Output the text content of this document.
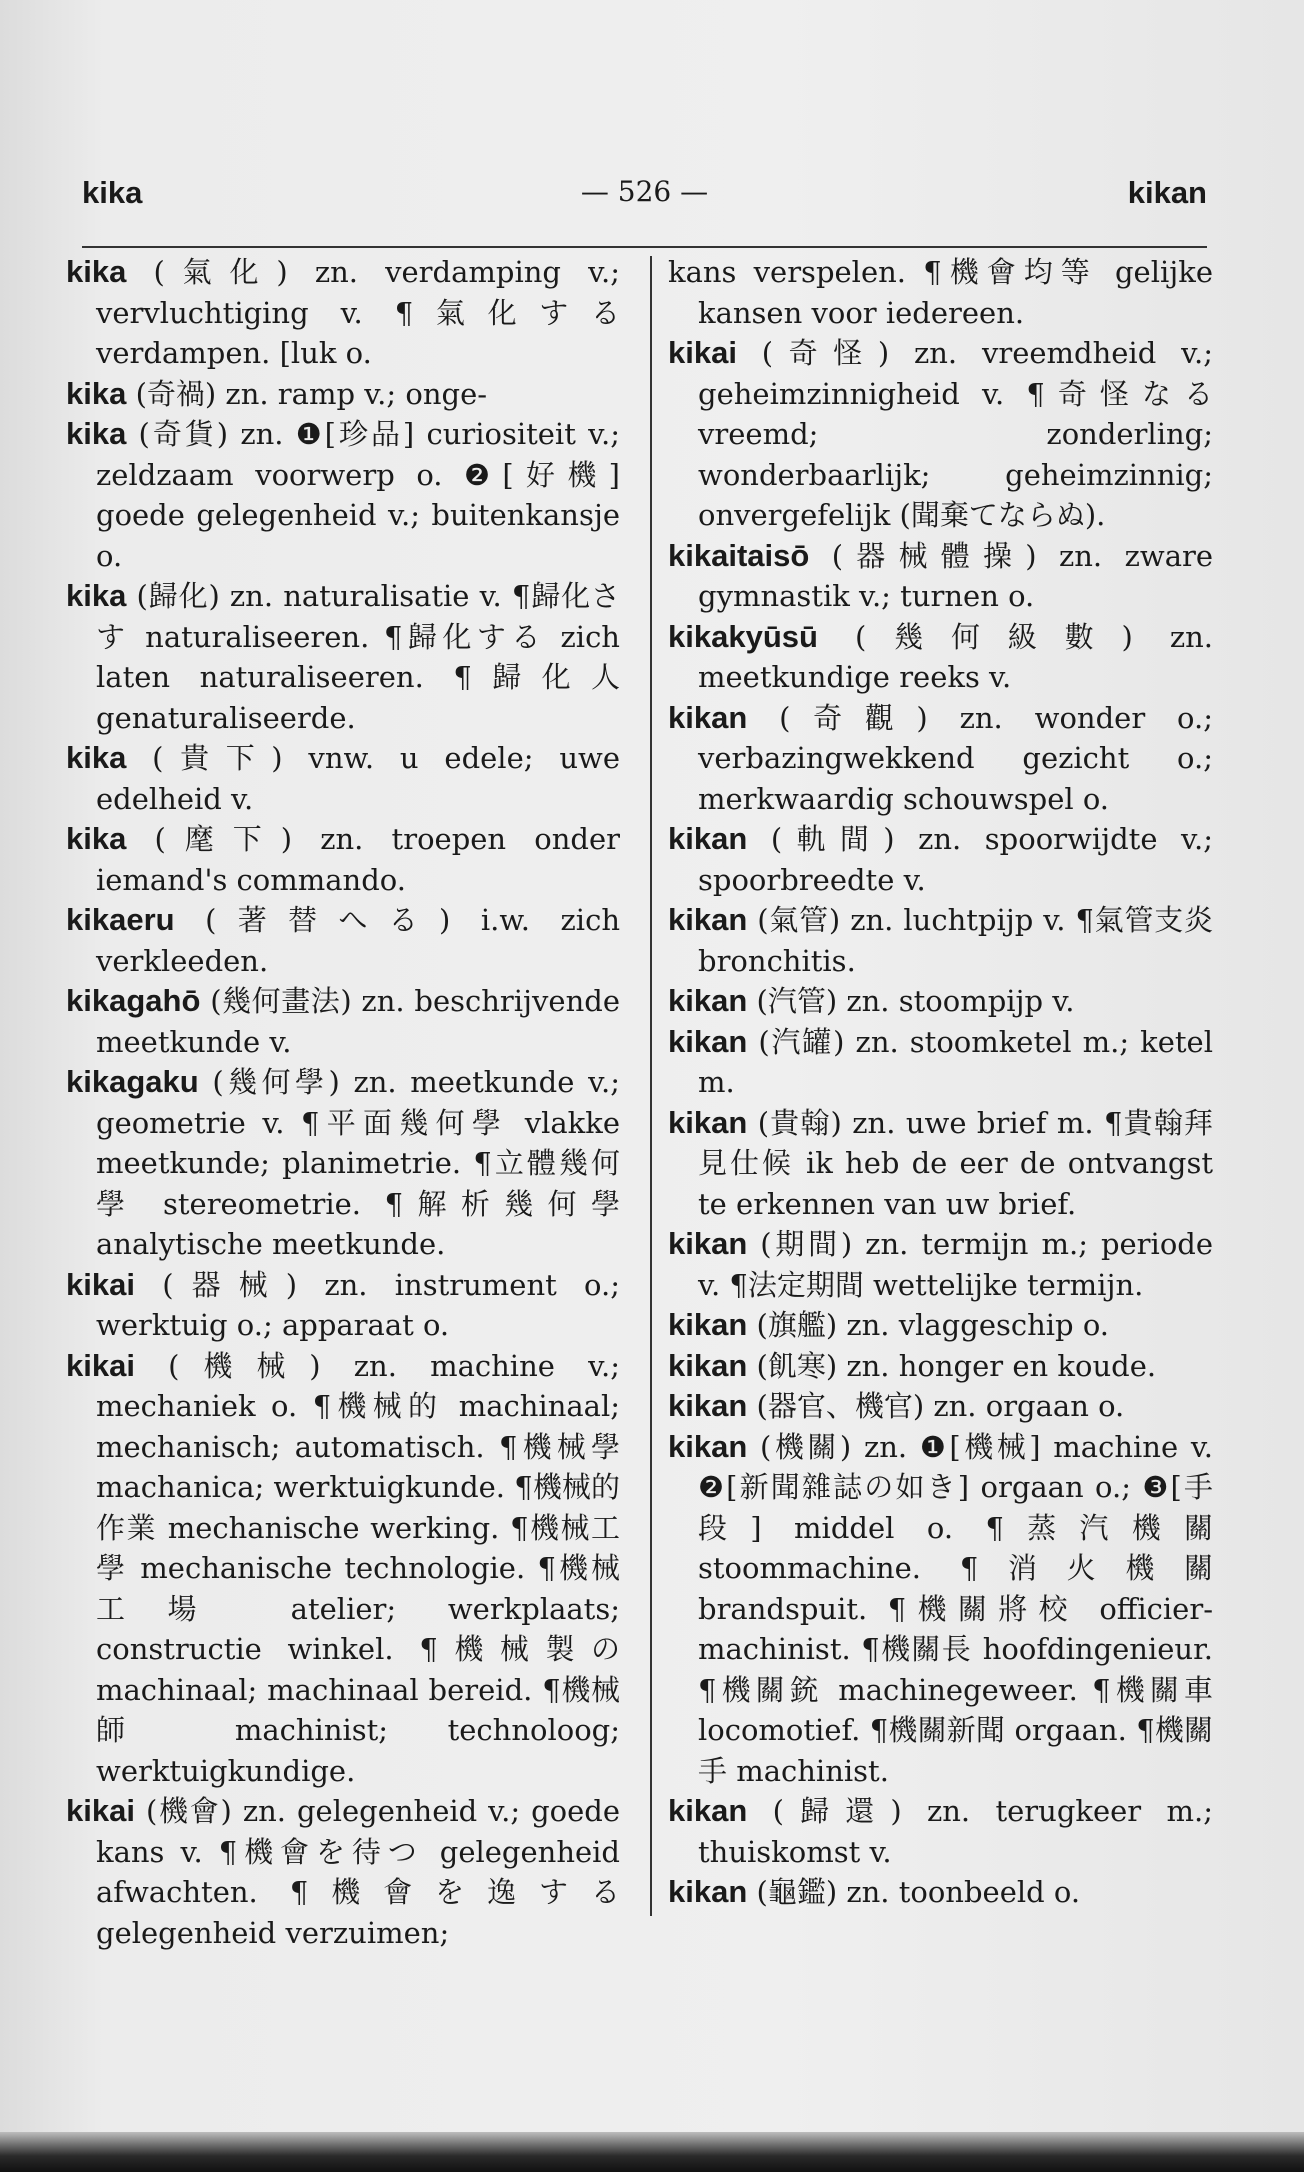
kika	— 526 —	kikan

kika (氣化) zn. verdamping v.; vervluchtiging v. ¶氣化する verdampen. [luk o.

kika (奇禍) zn. ramp v.; onge-

kika (奇貨) zn. ❶[珍品] curiositeit v.; zeldzaam voorwerp o. ❷[好機] goede gelegenheid v.; buitenkansje o.

kika (歸化) zn. naturalisatie v. ¶歸化さす naturaliseeren. ¶歸化する zich laten naturaliseeren. ¶歸化人 genaturaliseerde.

kika (貴下) vnw. u edele; uwe edelheid v.

kika (麾下) zn. troepen onder iemand's commando.

kikaeru (著替へる) i.w. zich verkleeden.

kikagahō (幾何畫法) zn. beschrijvende meetkunde v.

kikagaku (幾何學) zn. meetkunde v.; geometrie v. ¶平面幾何學 vlakke meetkunde; planimetrie. ¶立體幾何學 stereometrie. ¶解析幾何學 analytische meetkunde.

kikai (器械) zn. instrument o.; werktuig o.; apparaat o.

kikai (機械) zn. machine v.; mechaniek o. ¶機械的 machinaal; mechanisch; automatisch. ¶機械學 machanica; werktuigkunde. ¶機械的作業 mechanische werking. ¶機械工學 mechanische technologie. ¶機械工場 atelier; werkplaats; constructie winkel. ¶機械製の machinaal; machinaal bereid. ¶機械師 machinist; technoloog; werktuigkundige.

kikai (機會) zn. gelegenheid v.; goede kans v. ¶機會を待つ gelegenheid afwachten. ¶機會を逸する gelegenheid verzuimen;

kans verspelen. ¶機會均等 gelijke kansen voor iedereen.

kikai (奇怪) zn. vreemdheid v.; geheimzinnigheid v. ¶奇怪なる vreemd; zonderling; wonderbaarlijk; geheimzinnig; onvergefelijk (聞棄てならぬ).

kikaitaisō (器械體操) zn. zware gymnastik v.; turnen o.

kikakyūsū (幾何級數) zn. meetkundige reeks v.

kikan (奇觀) zn. wonder o.; verbazingwekkend gezicht o.; merkwaardig schouwspel o.

kikan (軌間) zn. spoorwijdte v.; spoorbreedte v.

kikan (氣管) zn. luchtpijp v. ¶氣管支炎 bronchitis.

kikan (汽管) zn. stoompijp v.

kikan (汽罐) zn. stoomketel m.; ketel m.

kikan (貴翰) zn. uwe brief m. ¶貴翰拜見仕候 ik heb de eer de ontvangst te erkennen van uw brief.

kikan (期間) zn. termijn m.; periode v. ¶法定期間 wettelijke termijn.

kikan (旗艦) zn. vlaggeschip o.

kikan (飢寒) zn. honger en koude.

kikan (器官、機官) zn. orgaan o.

kikan (機關) zn. ❶[機械] machine v. ❷[新聞雜誌の如き] orgaan o.; ❸[手段] middel o. ¶蒸汽機關 stoommachine. ¶消火機關 brandspuit. ¶機關將校 officier-machinist. ¶機關長 hoofdingenieur. ¶機關銃 machinegeweer. ¶機關車 locomotief. ¶機關新聞 orgaan. ¶機關手 machinist.

kikan (歸還) zn. terugkeer m.; thuiskomst v.

kikan (龜鑑) zn. toonbeeld o.
